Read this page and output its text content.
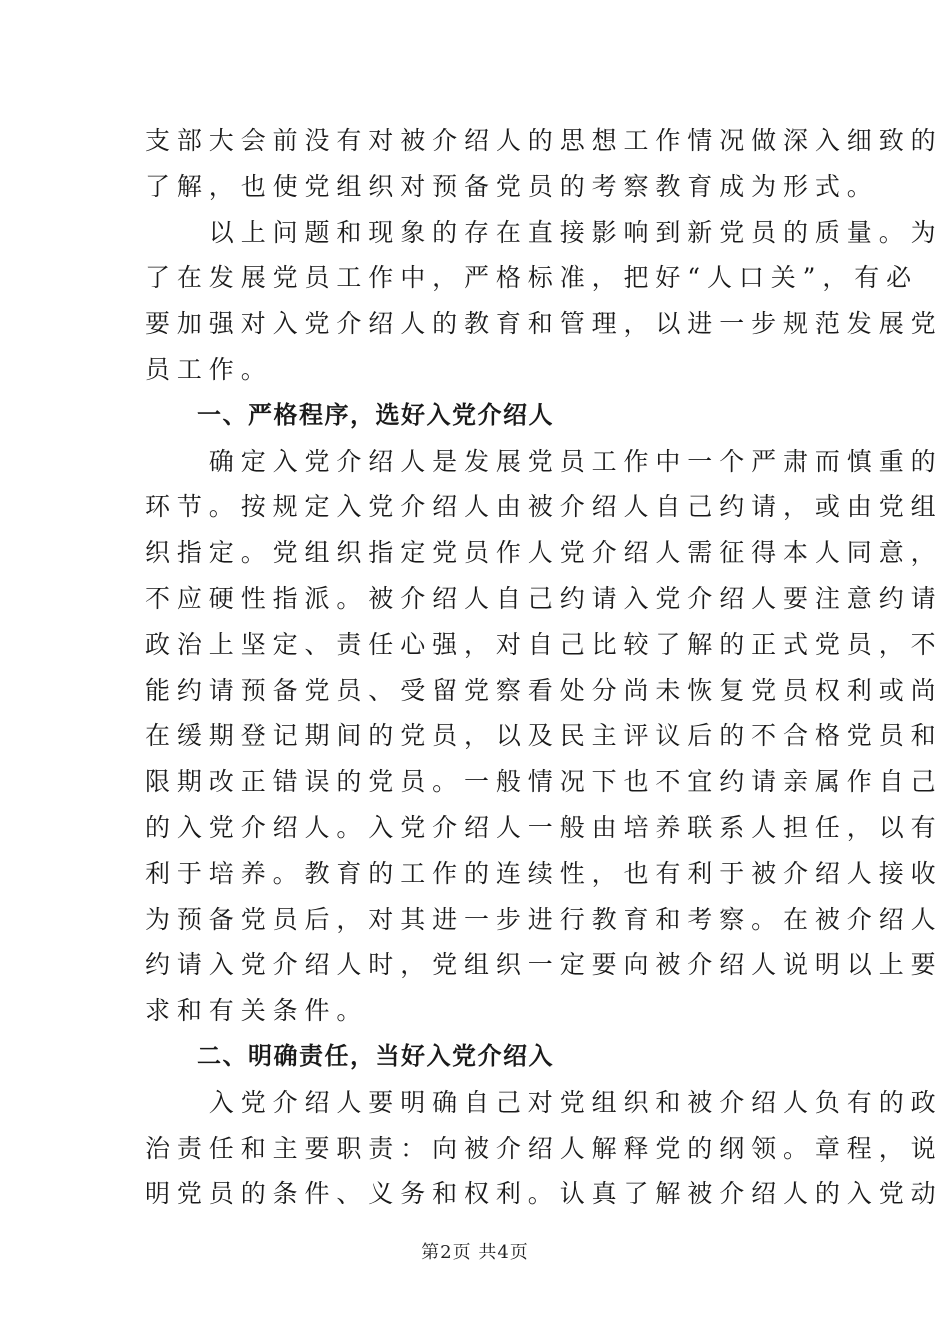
支部大会前没有对被介绍人的思想工作情况做深入细致的
了解，也使党组织对预备党员的考察教育成为形式。
以上问题和现象的存在直接影响到新党员的质量。为
了在发展党员工作中，严格标准，把好“人口关”，有必
要加强对入党介绍人的教育和管理，以进一步规范发展党
员工作。
一、严格程序，选好入党介绍人
确定入党介绍人是发展党员工作中一个严肃而慎重的
环节。按规定入党介绍人由被介绍人自己约请，或由党组
织指定。党组织指定党员作人党介绍人需征得本人同意，
不应硬性指派。被介绍人自己约请入党介绍人要注意约请
政治上坚定、责任心强，对自己比较了解的正式党员，不
能约请预备党员、受留党察看处分尚未恢复党员权利或尚
在缓期登记期间的党员，以及民主评议后的不合格党员和
限期改正错误的党员。一般情况下也不宜约请亲属作自己
的入党介绍人。入党介绍人一般由培养联系人担任，以有
利于培养。教育的工作的连续性，也有利于被介绍人接收
为预备党员后，对其进一步进行教育和考察。在被介绍人
约请入党介绍人时，党组织一定要向被介绍人说明以上要
求和有关条件。
二、明确责任，当好入党介绍入
入党介绍人要明确自己对党组织和被介绍人负有的政
治责任和主要职责：向被介绍人解释党的纲领。章程，说
明党员的条件、义务和权利。认真了解被介绍人的入党动
第2页 共4页
